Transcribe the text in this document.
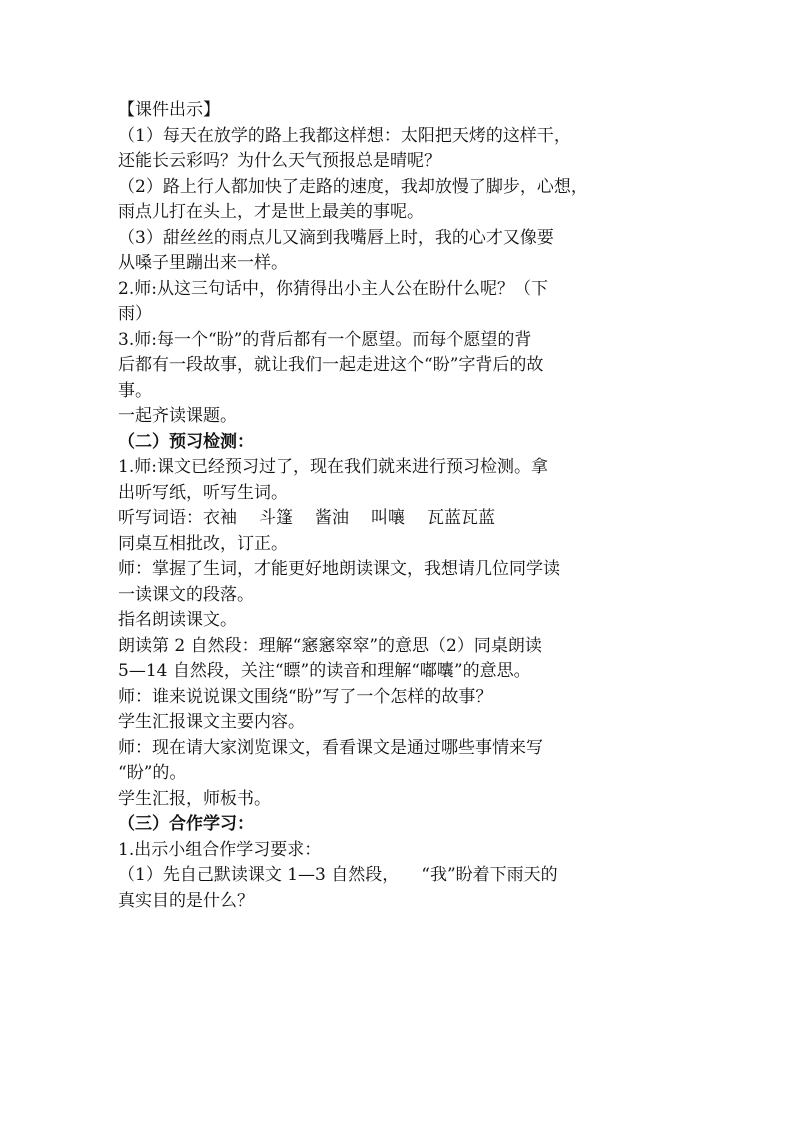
【课件出示】
（1）每天在放学的路上我都这样想：太阳把天烤的这样干，
还能长云彩吗？为什么天气预报总是晴呢？
（2）路上行人都加快了走路的速度，我却放慢了脚步，心想，
雨点儿打在头上，才是世上最美的事呢。
（3）甜丝丝的雨点儿又滴到我嘴唇上时，我的心才又像要
从嗓子里蹦出来一样。
2.师:从这三句话中，你猜得出小主人公在盼什么呢？（下
雨）
3.师:每一个“盼”的背后都有一个愿望。而每个愿望的背
后都有一段故事，就让我们一起走进这个“盼”字背后的故
事。
一起齐读课题。
（二）预习检测：
1.师:课文已经预习过了，现在我们就来进行预习检测。拿
出听写纸，听写生词。
听写词语：衣袖 斗篷 酱油 叫嚷 瓦蓝瓦蓝
同桌互相批改，订正。
师：掌握了生词，才能更好地朗读课文，我想请几位同学读
一读课文的段落。
指名朗读课文。
朗读第 2 自然段：理解“窸窸窣窣”的意思（2）同桌朗读
5—14 自然段，关注“瞟”的读音和理解“嘟囔”的意思。
师：谁来说说课文围绕“盼”写了一个怎样的故事？
学生汇报课文主要内容。
师：现在请大家浏览课文，看看课文是通过哪些事情来写
“盼”的。
学生汇报，师板书。
（三）合作学习：
1.出示小组合作学习要求：
（1）先自己默读课文 1—3 自然段， “我”盼着下雨天的
真实目的是什么？
